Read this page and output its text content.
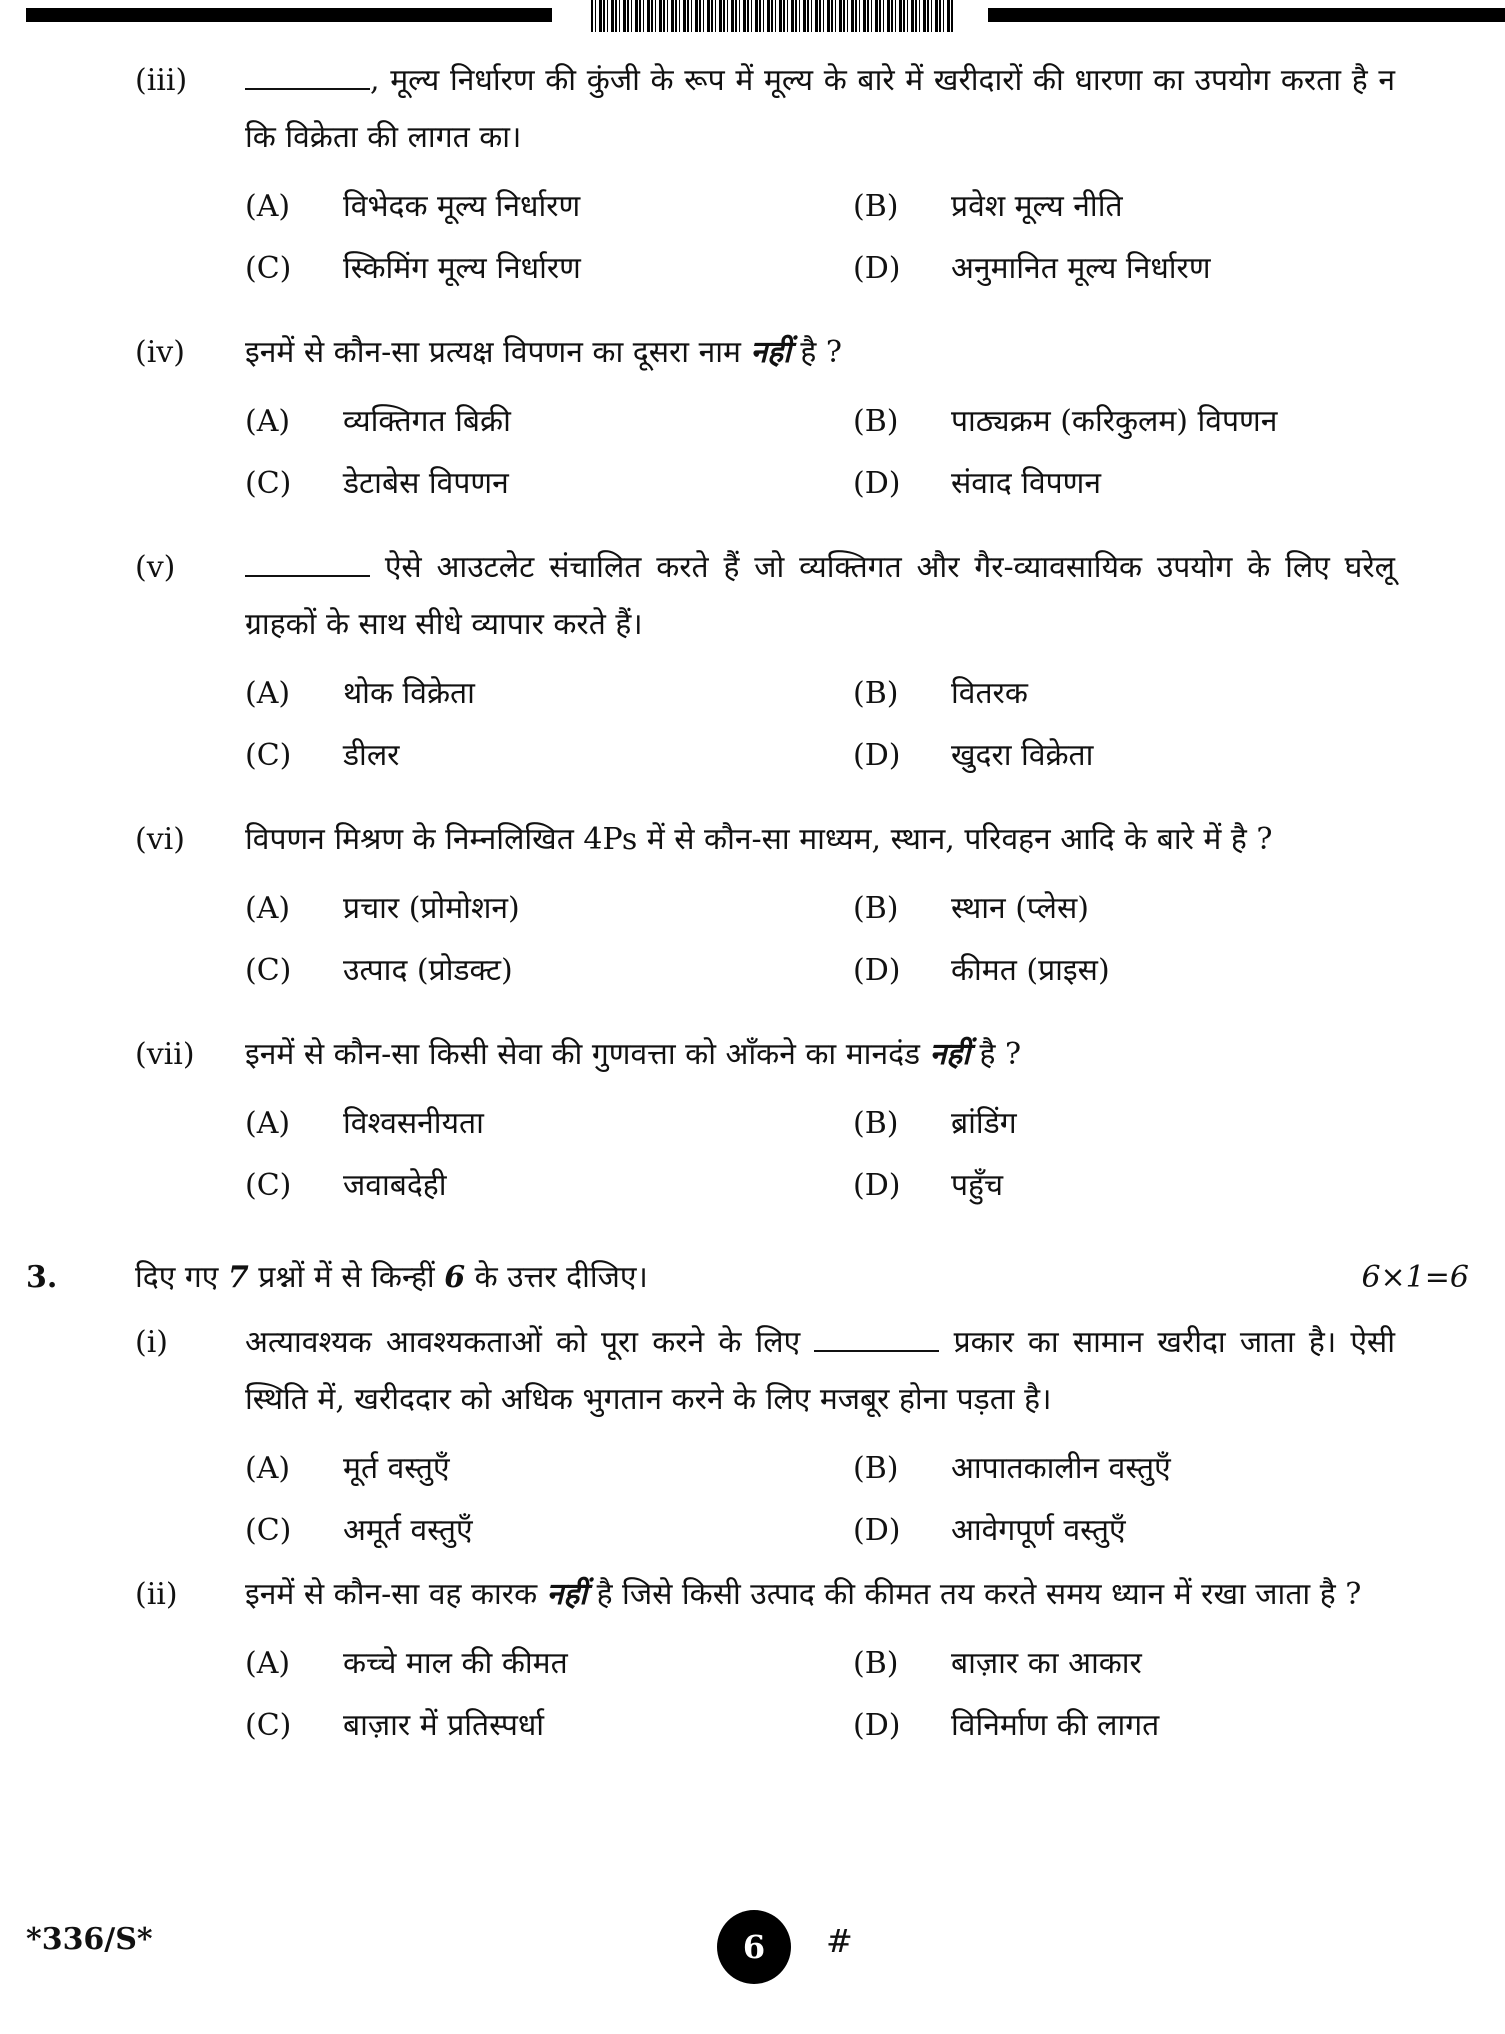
(iii)	, मूल्य निर्धारण की कुंजी के रूप में मूल्य के बारे में खरीदारों की धारणा का उपयोग करता है न कि विक्रेता की लागत का।
(A) विभेदक मूल्य निर्धारण	(B) प्रवेश मूल्य नीति
(C) स्किमिंग मूल्य निर्धारण	(D) अनुमानित मूल्य निर्धारण
(iv) इनमें से कौन-सा प्रत्यक्ष विपणन का दूसरा नाम नहीं है ?
(A) व्यक्तिगत बिक्री	(B) पाठ्यक्रम (करिकुलम) विपणन
(C) डेटाबेस विपणन	(D) संवाद विपणन
(v)	ऐसे आउटलेट संचालित करते हैं जो व्यक्तिगत और गैर-व्यावसायिक उपयोग के लिए घरेलू ग्राहकों के साथ सीधे व्यापार करते हैं।
(A) थोक विक्रेता	(B) वितरक
(C) डीलर	(D) खुदरा विक्रेता
(vi) विपणन मिश्रण के निम्नलिखित 4Ps में से कौन-सा माध्यम, स्थान, परिवहन आदि के बारे में है ?
(A) प्रचार (प्रोमोशन)	(B) स्थान (प्लेस)
(C) उत्पाद (प्रोडक्ट)	(D) कीमत (प्राइस)
(vii) इनमें से कौन-सा किसी सेवा की गुणवत्ता को आँकने का मानदंड नहीं है ?
(A) विश्वसनीयता	(B) ब्रांडिंग
(C) जवाबदेही	(D) पहुँच
3.	दिए गए 7 प्रश्नों में से किन्हीं 6 के उत्तर दीजिए।	6×1=6
(i)	अत्यावश्यक आवश्यकताओं को पूरा करने के लिए	प्रकार का सामान खरीदा जाता है। ऐसी स्थिति में, खरीददार को अधिक भुगतान करने के लिए मजबूर होना पड़ता है।
(A) मूर्त वस्तुएँ	(B) आपातकालीन वस्तुएँ
(C) अमूर्त वस्तुएँ	(D) आवेगपूर्ण वस्तुएँ
(ii) इनमें से कौन-सा वह कारक नहीं है जिसे किसी उत्पाद की कीमत तय करते समय ध्यान में रखा जाता है ?
(A) कच्चे माल की कीमत	(B) बाज़ार का आकार
(C) बाज़ार में प्रतिस्पर्धा	(D) विनिर्माण की लागत
*336/S*	6	#
